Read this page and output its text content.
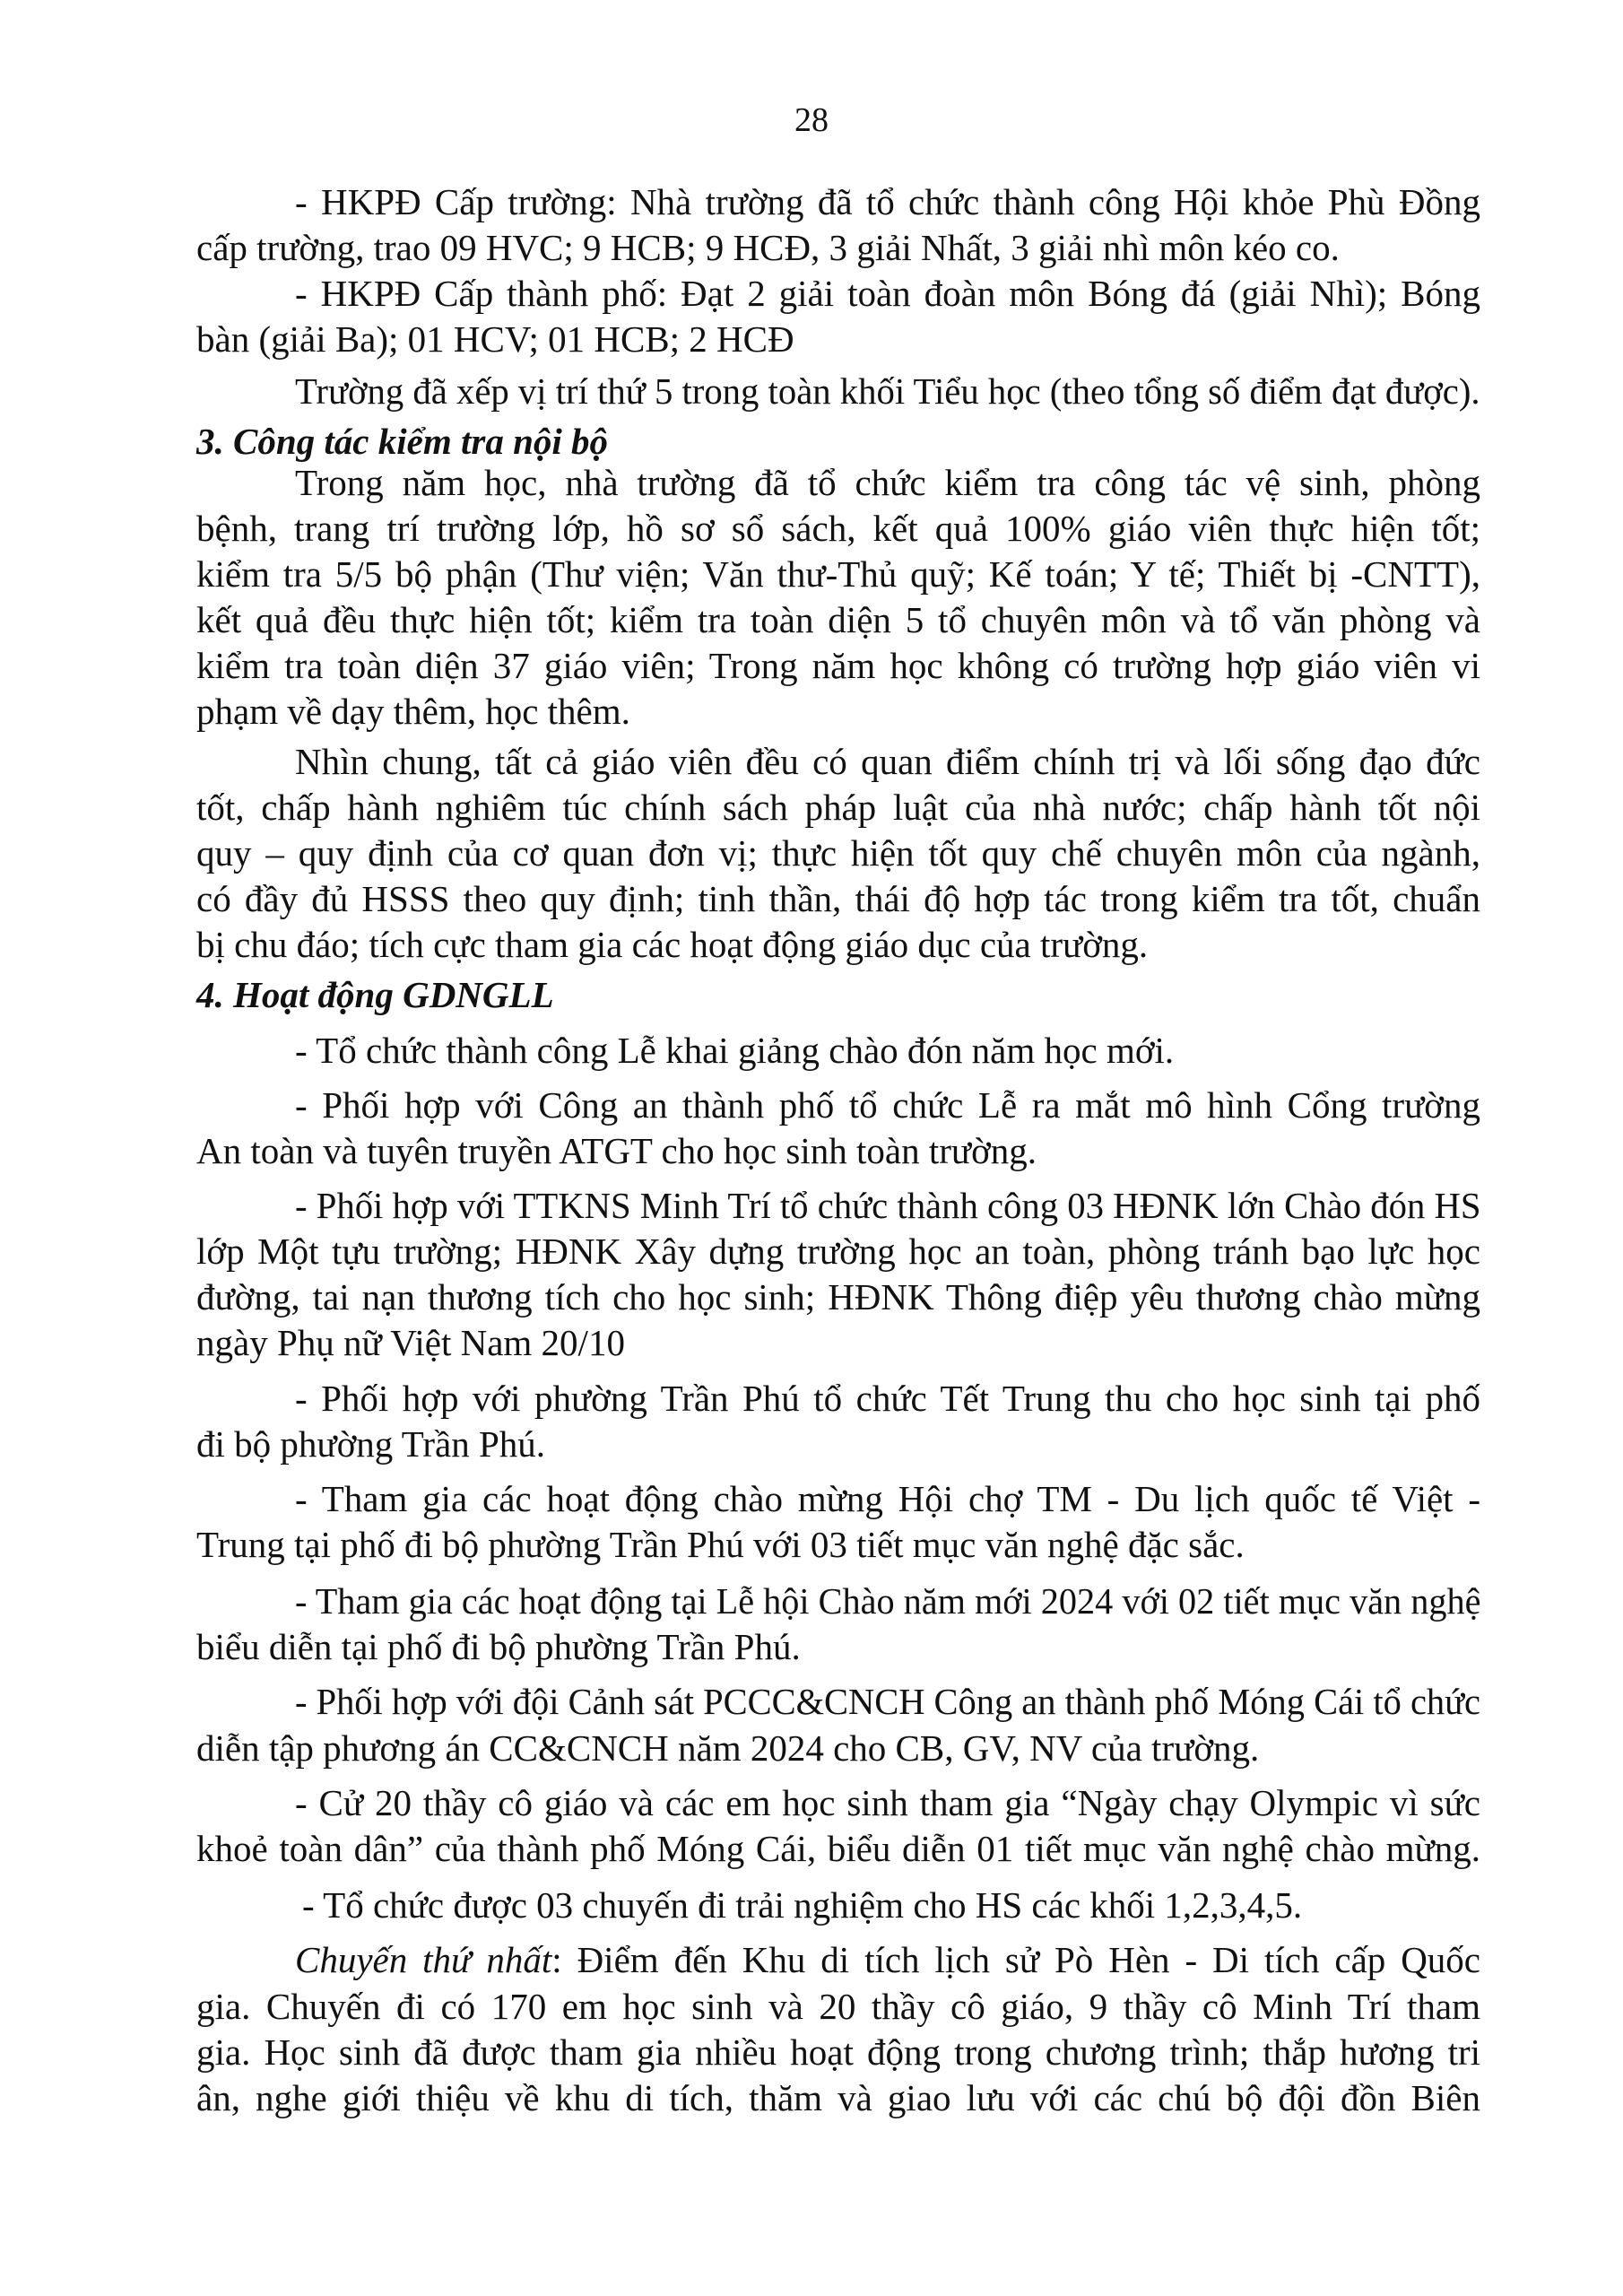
28
- HKPĐ Cấp trường: Nhà trường đã tổ chức thành công Hội khỏe Phù Đồng
cấp trường, trao 09 HVC; 9 HCB; 9 HCĐ, 3 giải Nhất, 3 giải nhì môn kéo co.
- HKPĐ Cấp thành phố: Đạt 2 giải toàn đoàn môn Bóng đá (giải Nhì); Bóng
bàn (giải Ba); 01 HCV; 01 HCB; 2 HCĐ
Trường đã xếp vị trí thứ 5 trong toàn khối Tiểu học (theo tổng số điểm đạt được).
3. Công tác kiểm tra nội bộ
Trong năm học, nhà trường đã tổ chức kiểm tra công tác vệ sinh, phòng
bệnh, trang trí trường lớp, hồ sơ sổ sách, kết quả 100% giáo viên thực hiện tốt;
kiểm tra 5/5 bộ phận (Thư viện; Văn thư-Thủ quỹ; Kế toán; Y tế; Thiết bị -CNTT),
kết quả đều thực hiện tốt; kiểm tra toàn diện 5 tổ chuyên môn và tổ văn phòng và
kiểm tra toàn diện 37 giáo viên; Trong năm học không có trường hợp giáo viên vi
phạm về dạy thêm, học thêm.
Nhìn chung, tất cả giáo viên đều có quan điểm chính trị và lối sống đạo đức
tốt, chấp hành nghiêm túc chính sách pháp luật của nhà nước; chấp hành tốt nội
quy – quy định của cơ quan đơn vị; thực hiện tốt quy chế chuyên môn của ngành,
có đầy đủ HSSS theo quy định; tinh thần, thái độ hợp tác trong kiểm tra tốt, chuẩn
bị chu đáo; tích cực tham gia các hoạt động giáo dục của trường.
4. Hoạt động GDNGLL
- Tổ chức thành công Lễ khai giảng chào đón năm học mới.
- Phối hợp với Công an thành phố tổ chức Lễ ra mắt mô hình Cổng trường
An toàn và tuyên truyền ATGT cho học sinh toàn trường.
- Phối hợp với TTKNS Minh Trí tổ chức thành công 03 HĐNK lớn Chào đón HS
lớp Một tựu trường; HĐNK Xây dựng trường học an toàn, phòng tránh bạo lực học
đường, tai nạn thương tích cho học sinh; HĐNK Thông điệp yêu thương chào mừng
ngày Phụ nữ Việt Nam 20/10
- Phối hợp với phường Trần Phú tổ chức Tết Trung thu cho học sinh tại phố
đi bộ phường Trần Phú.
- Tham gia các hoạt động chào mừng Hội chợ TM - Du lịch quốc tế Việt -
Trung tại phố đi bộ phường Trần Phú với 03 tiết mục văn nghệ đặc sắc.
- Tham gia các hoạt động tại Lễ hội Chào năm mới 2024 với 02 tiết mục văn nghệ
biểu diễn tại phố đi bộ phường Trần Phú.
- Phối hợp với đội Cảnh sát PCCC&CNCH Công an thành phố Móng Cái tổ chức
diễn tập phương án CC&CNCH năm 2024 cho CB, GV, NV của trường.
- Cử 20 thầy cô giáo và các em học sinh tham gia “Ngày chạy Olympic vì sức
khoẻ toàn dân” của thành phố Móng Cái, biểu diễn 01 tiết mục văn nghệ chào mừng.
- Tổ chức được 03 chuyến đi trải nghiệm cho HS các khối 1,2,3,4,5.
Chuyến thứ nhất: Điểm đến Khu di tích lịch sử Pò Hèn - Di tích cấp Quốc
gia. Chuyến đi có 170 em học sinh và 20 thầy cô giáo, 9 thầy cô Minh Trí tham
gia. Học sinh đã được tham gia nhiều hoạt động trong chương trình; thắp hương tri
ân, nghe giới thiệu về khu di tích, thăm và giao lưu với các chú bộ đội đồn Biên
